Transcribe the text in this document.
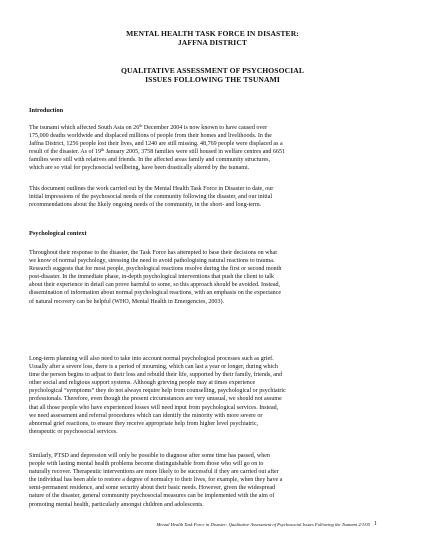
MENTAL HEALTH TASK FORCE IN DISASTER:
JAFFNA DISTRICT
QUALITATIVE ASSESSMENT OF PSYCHOSOCIAL
ISSUES FOLLOWING THE TSUNAMI
Introduction
The tsunami which affected South Asia on 26th December 2004 is now known to have caused over
175,000 deaths worldwide and displaced millions of people from their homes and livelihoods. In the
Jaffna District, 1256 people lost their lives, and 1240 are still missing. 48,769 people were displaced as a
result of the disaster. As of 19th January 2005, 3758 families were still housed in welfare centres and 6651
families were still with relatives and friends. In the affected areas family and community structures,
which are so vital for psychosocial wellbeing, have been drastically altered by the tsunami.
This document outlines the work carried out by the Mental Health Task Force in Disaster to date, our
initial impressions of the psychosocial needs of the community following the disaster, and our initial
recommendations about the likely ongoing needs of the community, in the short- and long-term.
Psychological context
Throughout their response to the disaster, the Task Force has attempted to base their decisions on what
we know of normal psychology, stressing the need to avoid pathologising natural reactions to trauma.
Research suggests that for most people, psychological reactions resolve during the first or second month
post-disaster. In the immediate phase, in-depth psychological interventions that push the client to talk
about their experience in detail can prove harmful to some, so this approach should be avoided. Instead,
dissemination of information about normal psychological reactions, with an emphasis on the expectance
of natural recovery can be helpful (WHO, Mental Health in Emergencies, 2003).
Long-term planning will also need to take into account normal psychological processes such as grief.
Usually after a severe loss, there is a period of mourning, which can last a year or longer, during which
time the person begins to adjust to their loss and rebuild their life, supported by their family, friends, and
other social and religious support systems. Although grieving people may at times experience
psychological “symptoms” they do not always require help from counselling, psychological or psychiatric
professionals. Therefore, even though the present circumstances are very unusual, we should not assume
that all those people who have experienced losses will need input from psychological services. Instead,
we need assessment and referral procedures which can identify the minority with more severe or
abnormal grief reactions, to ensure they receive appropriate help from higher level psychiatric,
therapeutic or psychosocial services.
Similarly, PTSD and depression will only be possible to diagnose after some time has passed, when
people with lasting mental health problems become distinguishable from those who will go on to
naturally recover. Therapeutic interventions are more likely to be successful if they are carried out after
the individual has been able to restore a degree of normalcy to their lives, for example, when they have a
semi-permanent residence, and some security about their basic needs. However, given the widespread
nature of the disaster, general community psychosocial measures can be implemented with the aim of
promoting mental health, particularly amongst children and adolescents.
Mental Health Task Force in Disaster: Qualitative Assessment of Psychosocial Issues Following the Tsunami 2/1/05 1
